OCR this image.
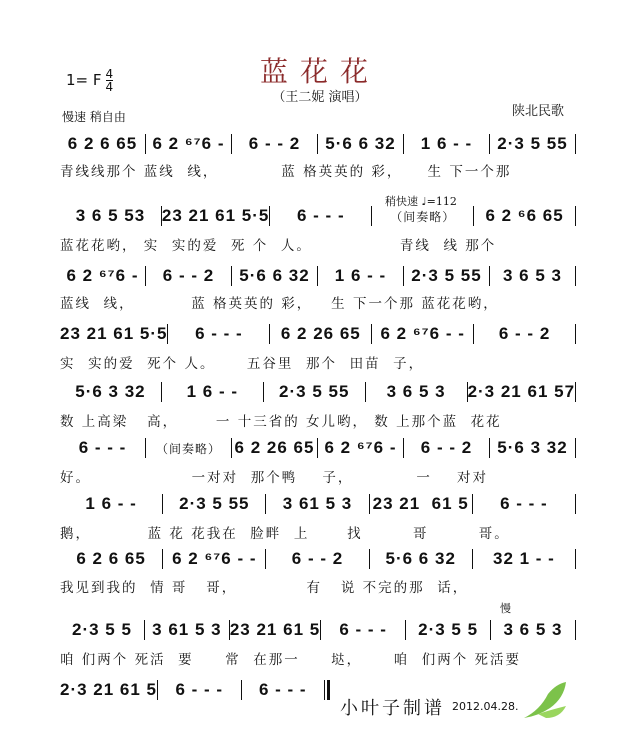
蓝花花
（王二妮 演唱）
1= F $\frac{4}{4}$
慢速 稍自由	陕北民歌
稍快速 ♩=112
慢
6 2 6 65 6 2 ⁶⁷6 -	6 - - 2	5·6 6 32	1 6 - -	2·3 5 55
青线线那个 蓝线  线，          蓝 格英英的 彩，    生 下一个那
3 6 5 53 23 21 61 5·5	6 - - -	（间奏略）	6 2 ⁶6 65
蓝花花哟， 实  实的爱  死 个  人。              青线  线 那个
6 2 ⁶⁷6 -	6 - - 2	5·6 6 32	1 6 - -	2·3 5 55	3 6 5 3
蓝线  线，         蓝 格英英的 彩，   生 下一个那 蓝花花哟，
23 21 61 5·5	6 - - -	6 2 26 65	6 2 ⁶⁷6 - -	6 - - 2
实  实的爱  死个 人。     五谷里  那个  田苗  子，
5·6 3 32	1 6 - -	2·3 5 55	3 6 5 3	2·3 21 61 57
数 上高梁   高，      一 十三省的 女儿哟， 数 上那个蓝  花花
6 - - -	（间奏略） 6 2 26 65 6 2 ⁶⁷6 -	6 - - 2	5·6 3 32
好。                一对对  那个鸭    子，          一    对对
1 6 - -	2·3 5 55	3 61 5 3	23 21  61 5	6 - - -
鹅，         蓝 花 花我在  脸畔  上      找        哥        哥。
6 2 6 65	6 2 ⁶⁷6 - -	6 - - 2	5·6 6 32	32 1 - -
我见到我的  情 哥   哥，           有   说 不完的那  话，
2·3 5 5	3 61 5 3 23 21 61 5	6 - - -	2·3 5 5	3 6 5 3
咱 们两个 死活  要     常  在那一     垯，     咱  们两个 死活要
2·3 21 61 5	6 - - -	6 - - -
小叶子制谱 2012.04.28.
